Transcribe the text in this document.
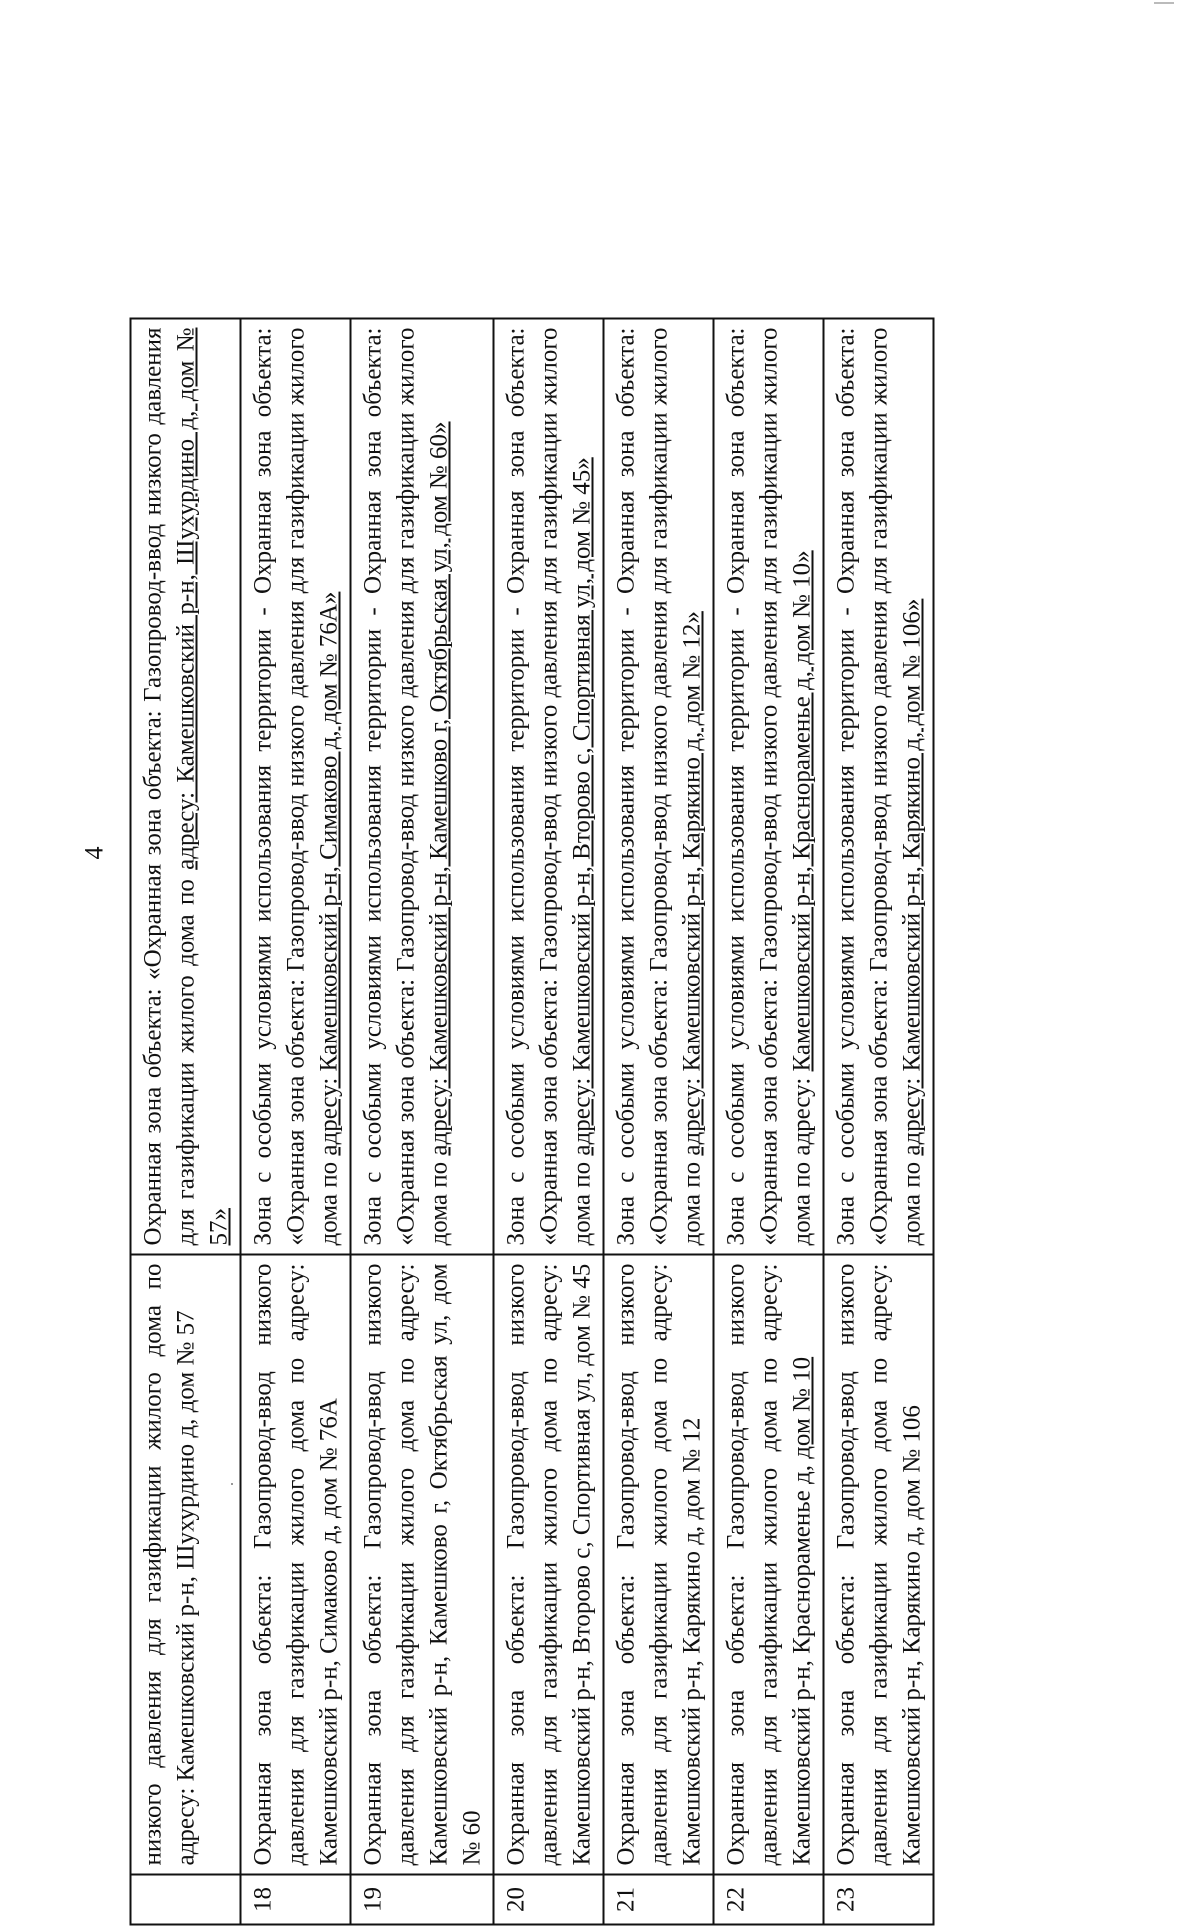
4
	низкого давления для газификации жилого дома по адресу: Камешковский р-н, Шухурдино д, дом № 57	Охранная зона объекта: «Охранная зона объекта: Газопровод-ввод низкого давления для газификации жилого дома по адресу: Камешковский р-н, Шухурдино д, дом № 57»
18	Охранная зона объекта: Газопровод-ввод низкого давления для газификации жилого дома по адресу: Камешковский р-н, Симаково д, дом № 76А	Зона с особыми условиями использования территории - Охранная зона объекта: «Охранная зона объекта: Газопровод-ввод низкого давления для газификации жилого дома по адресу: Камешковский р-н, Симаково д, дом № 76А»
19	Охранная зона объекта: Газопровод-ввод низкого давления для газификации жилого дома по адресу: Камешковский р-н, Камешково г, Октябрьская ул, дом № 60	Зона с особыми условиями использования территории - Охранная зона объекта: «Охранная зона объекта: Газопровод-ввод низкого давления для газификации жилого дома по адресу: Камешковский р-н, Камешково г, Октябрьская ул, дом № 60»
20	Охранная зона объекта: Газопровод-ввод низкого давления для газификации жилого дома по адресу: Камешковский р-н, Второво с, Спортивная ул, дом № 45	Зона с особыми условиями использования территории - Охранная зона объекта: «Охранная зона объекта: Газопровод-ввод низкого давления для газификации жилого дома по адресу: Камешковский р-н, Второво с, Спортивная ул, дом № 45»
21	Охранная зона объекта: Газопровод-ввод низкого давления для газификации жилого дома по адресу: Камешковский р-н, Карякино д, дом № 12	Зона с особыми условиями использования территории - Охранная зона объекта: «Охранная зона объекта: Газопровод-ввод низкого давления для газификации жилого дома по адресу: Камешковский р-н, Карякино д, дом № 12»
22	Охранная зона объекта: Газопровод-ввод низкого давления для газификации жилого дома по адресу: Камешковский р-н, Краснораменье д, дом № 10	Зона с особыми условиями использования территории - Охранная зона объекта: «Охранная зона объекта: Газопровод-ввод низкого давления для газификации жилого дома по адресу: Камешковский р-н, Краснораменье д, дом № 10»
23	Охранная зона объекта: Газопровод-ввод низкого давления для газификации жилого дома по адресу: Камешковский р-н, Карякино д, дом № 106	Зона с особыми условиями использования территории - Охранная зона объекта: «Охранная зона объекта: Газопровод-ввод низкого давления для газификации жилого дома по адресу: Камешковский р-н, Карякино д, дом № 106»
